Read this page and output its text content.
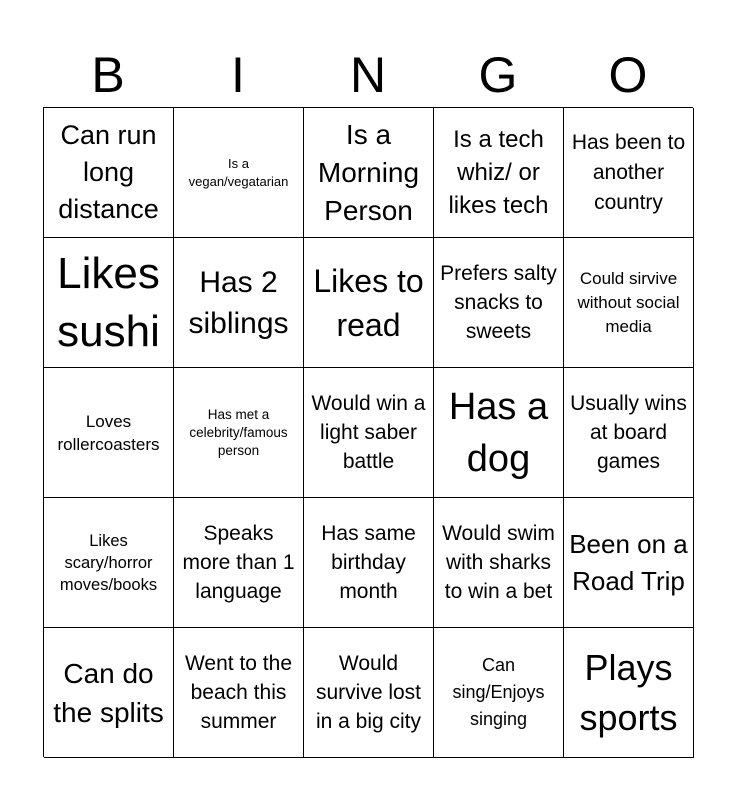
B	I	N	G	O
Can run long distance
Is a vegan/vegatarian
Is a Morning Person
Is a tech whiz/ or likes tech
Has been to another country
Likes sushi
Has 2 siblings
Likes to read
Prefers salty snacks to sweets
Could sirvive without social media
Loves rollercoasters
Has met a celebrity/famous person
Would win a light saber battle
Has a dog
Usually wins at board games
Likes scary/horror moves/books
Speaks more than 1 language
Has same birthday month
Would swim with sharks to win a bet
Been on a Road Trip
Can do the splits
Went to the beach this summer
Would survive lost in a big city
Can sing/Enjoys singing
Plays sports
